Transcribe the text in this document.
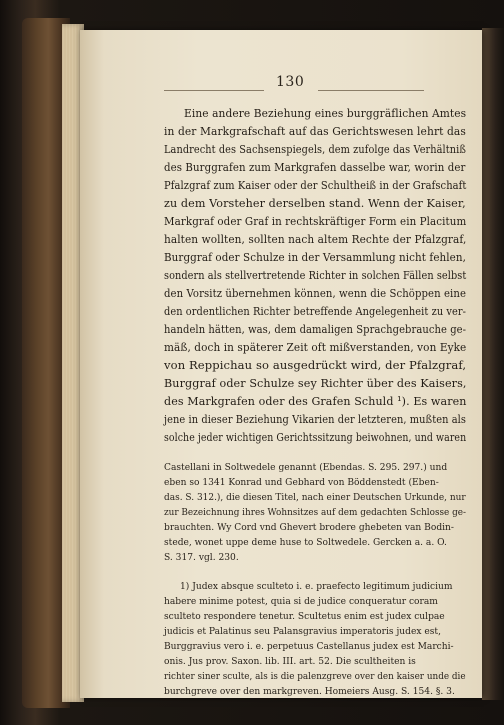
130
Eine andere Beziehung eines burggräflichen Amtes
in der Markgrafschaft auf das Gerichtswesen lehrt das
Landrecht des Sachsenspiegels, dem zufolge das Verhältniß
des Burggrafen zum Markgrafen dasselbe war, worin der
Pfalzgraf zum Kaiser oder der Schultheiß in der Grafschaft
zu dem Vorsteher derselben stand. Wenn der Kaiser,
Markgraf oder Graf in rechtskräftiger Form ein Placitum
halten wollten, sollten nach altem Rechte der Pfalzgraf,
Burggraf oder Schulze in der Versammlung nicht fehlen,
sondern als stellvertretende Richter in solchen Fällen selbst
den Vorsitz übernehmen können, wenn die Schöppen eine
den ordentlichen Richter betreffende Angelegenheit zu ver-
handeln hätten, was, dem damaligen Sprachgebrauche ge-
mäß, doch in späterer Zeit oft mißverstanden, von Eyke
von Reppichau so ausgedrückt wird, der Pfalzgraf,
Burggraf oder Schulze sey Richter über des Kaisers,
des Markgrafen oder des Grafen Schuld ¹). Es waren
jene in dieser Beziehung Vikarien der letzteren, mußten als
solche jeder wichtigen Gerichtssitzung beiwohnen, und waren
Castellani in Soltwedele genannt (Ebendas. S. 295. 297.) und
eben so 1341 Konrad und Gebhard von Böddenstedt (Eben-
das. S. 312.), die diesen Titel, nach einer Deutschen Urkunde, nur
zur Bezeichnung ihres Wohnsitzes auf dem gedachten Schlosse ge-
brauchten. Wy Cord vnd Ghevert brodere ghebeten van Bodin-
stede, wonet uppe deme huse to Soltwedele. Gercken a. a. O.
S. 317. vgl. 230.
1) Judex absque sculteto i. e. praefecto legitimum judicium
habere minime potest, quia si de judice conqueratur coram
sculteto respondere tenetur. Scultetus enim est judex culpae
judicis et Palatinus seu Palansgravius imperatoris judex est,
Burggravius vero i. e. perpetuus Castellanus judex est Marchi-
onis. Jus prov. Saxon. lib. III. art. 52. Die scultheiten is
richter siner sculte, als is die palenzgreve over den kaiser unde die
burchgreve over den markgreven. Homeiers Ausg. S. 154. §. 3.
